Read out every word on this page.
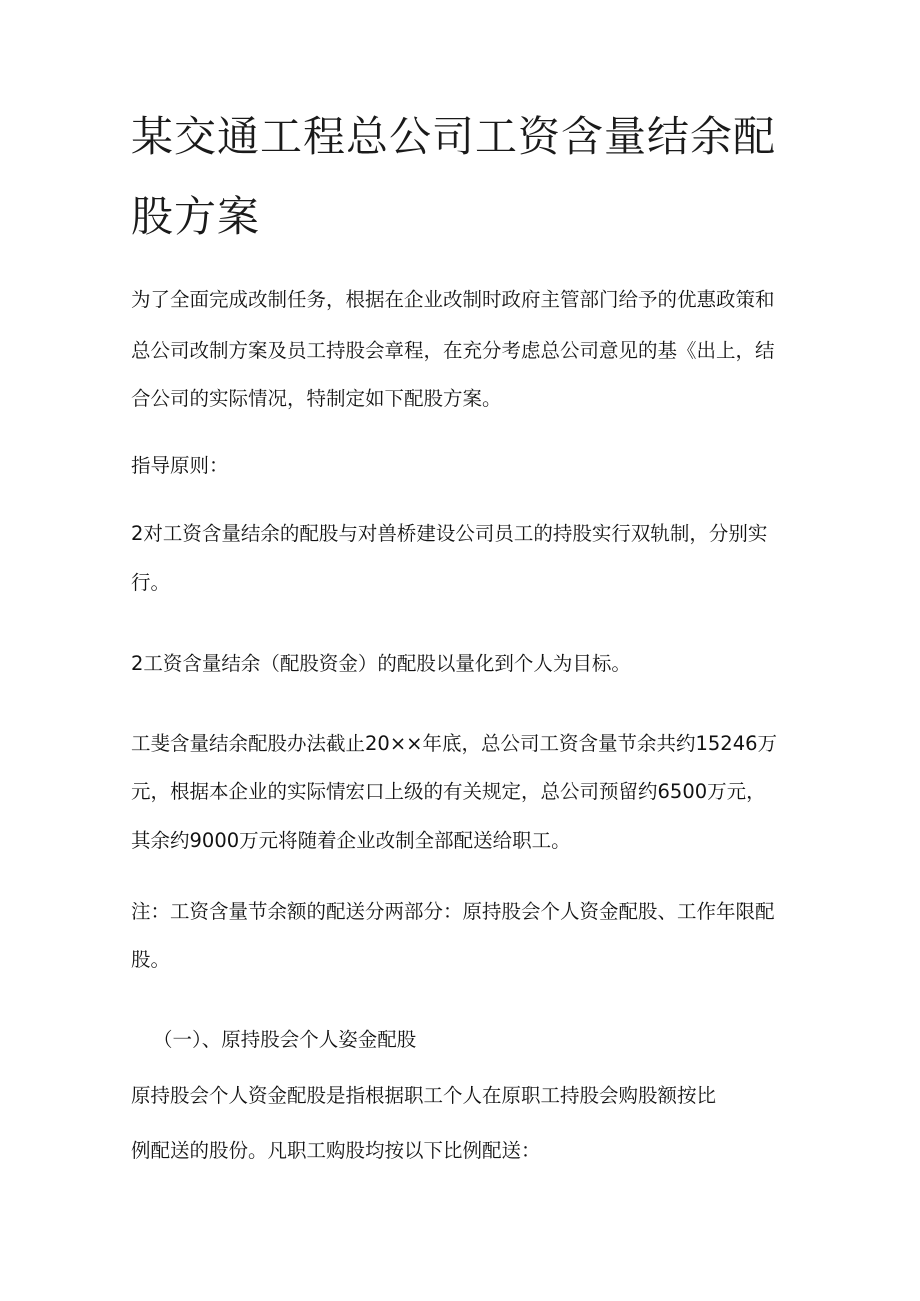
某交通工程总公司工资含量结余配
股方案

为了全面完成改制任务，根据在企业改制时政府主管部门给予的优惠政策和

总公司改制方案及员工持股会章程，在充分考虑总公司意见的基《出上，结

合公司的实际情况，特制定如下配股方案。

指导原则：

2对工资含量结余的配股与对兽桥建设公司员工的持股实行双轨制，分别实

行。

2工资含量结余（配股资金）的配股以量化到个人为目标。

工斐含量结余配股办法截止20××年底，总公司工资含量节余共约15246万

元，根据本企业的实际情宏口上级的有关规定，总公司预留约6500万元，

其余约9000万元将随着企业改制全部配送给职工。

注：工资含量节余额的配送分两部分：原持股会个人资金配股、工作年限配

股。

（一）、原持股会个人姿金配股

原持股会个人资金配股是指根据职工个人在原职工持股会购股额按比

例配送的股份。凡职工购股均按以下比例配送：
